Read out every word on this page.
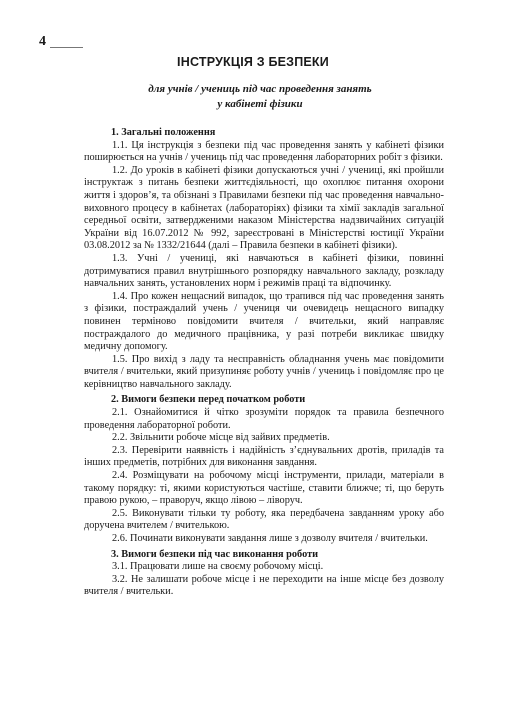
4
ІНСТРУКЦІЯ З БЕЗПЕКИ
для учнів / учениць під час проведення занять
у кабінеті фізики

1. Загальні положення

1.1. Ця інструкція з безпеки під час проведення занять у кабінеті фізики поширюється на учнів / учениць під час проведення лабораторних робіт з фізики.

1.2. До уроків в кабінеті фізики допускаються учні / учениці, які пройшли інструктаж з питань безпеки життєдіяльності, що охоплює питання охорони життя і здоров’я, та обізнані з Правилами безпеки під час проведення навчально-виховного процесу в кабінетах (лабораторіях) фізики та хімії закладів загальної середньої освіти, затвердженими наказом Міністерства надзвичайних ситуацій України від 16.07.2012 № 992, зареєстровані в Міністерстві юстиції України 03.08.2012 за № 1332/21644 (далі – Правила безпеки в кабінеті фізики).

1.3. Учні / учениці, які навчаються в кабінеті фізики, повинні дотримуватися правил внутрішнього розпорядку навчального закладу, розкладу навчальних занять, установлених норм і режимів праці та відпочинку.

1.4. Про кожен нещасний випадок, що трапився під час проведення занять з фізики, постраждалий учень / учениця чи очевидець нещасного випадку повинен терміново повідомити вчителя / вчительки, який направляє постраждалого до медичного працівника, у разі потреби викликає швидку медичну допомогу.

1.5. Про вихід з ладу та несправність обладнання учень має повідомити вчителя / вчительки, який призупиняє роботу учнів / учениць і повідомляє про це керівництво навчального закладу.

2. Вимоги безпеки перед початком роботи

2.1. Ознайомитися й чітко зрозуміти порядок та правила безпечного проведення лабораторної роботи.

2.2. Звільнити робоче місце від зайвих предметів.

2.3. Перевірити наявність і надійність з’єднувальних дротів, приладів та інших предметів, потрібних для виконання завдання.

2.4. Розміщувати на робочому місці інструменти, прилади, матеріали в такому порядку: ті, якими користуються частіше, ставити ближче; ті, що беруть правою рукою, – праворуч, якщо лівою – ліворуч.

2.5. Виконувати тільки ту роботу, яка передбачена завданням уроку або доручена вчителем / вчителькою.

2.6. Починати виконувати завдання лише з дозволу вчителя / вчительки.

3. Вимоги безпеки під час виконання роботи

3.1. Працювати лише на своєму робочому місці.

3.2. Не залишати робоче місце і не переходити на інше місце без дозволу вчителя / вчительки.
